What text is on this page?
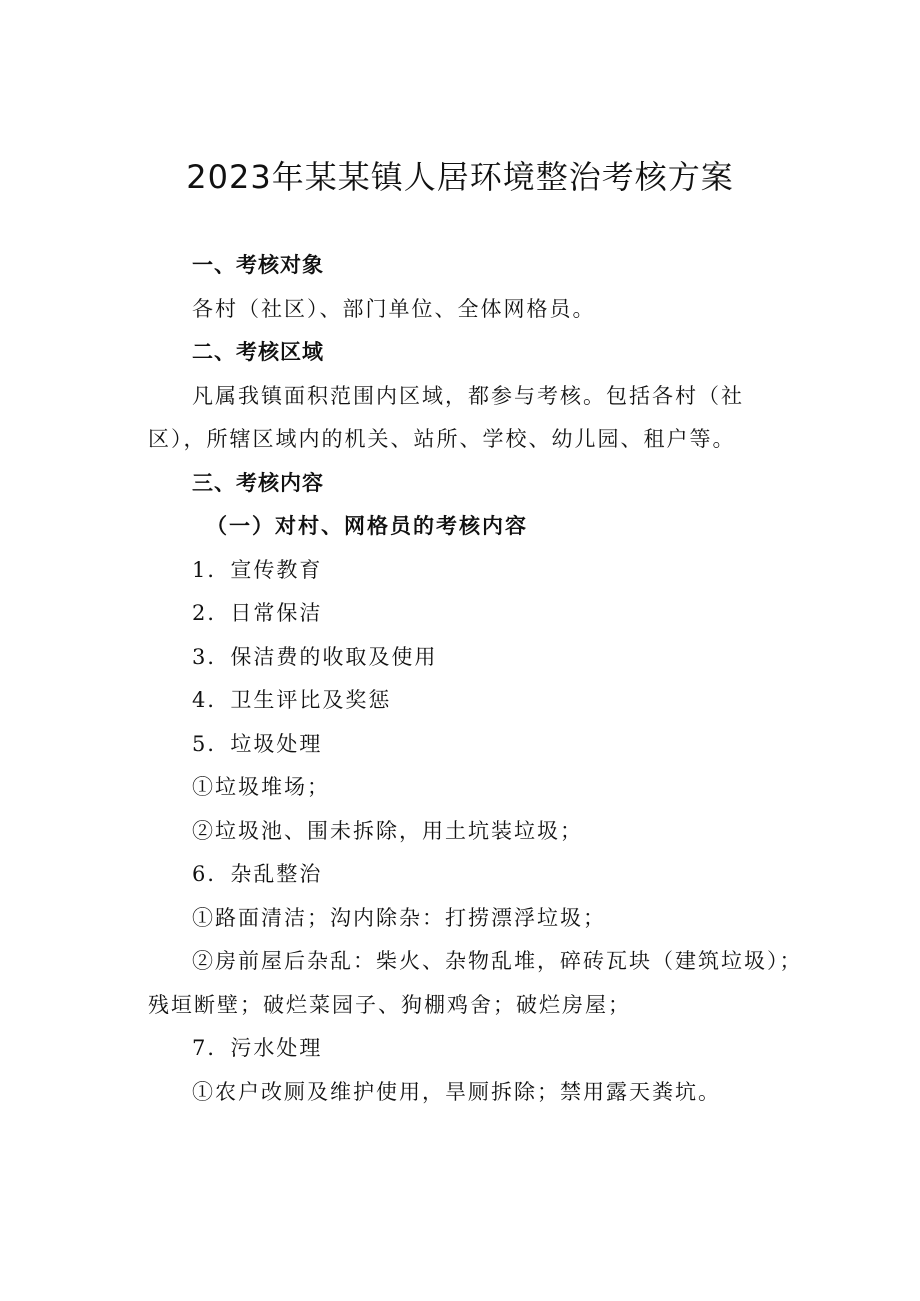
2023年某某镇人居环境整治考核方案
一、考核对象
各村（社区）、部门单位、全体网格员。
二、考核区域
凡属我镇面积范围内区域，都参与考核。包括各村（社
区），所辖区域内的机关、站所、学校、幼儿园、租户等。
三、考核内容
（一）对村、网格员的考核内容
1．宣传教育
2．日常保洁
3．保洁费的收取及使用
4．卫生评比及奖惩
5．垃圾处理
①垃圾堆场；
②垃圾池、围未拆除，用土坑装垃圾；
6．杂乱整治
①路面清洁；沟内除杂：打捞漂浮垃圾；
②房前屋后杂乱：柴火、杂物乱堆，碎砖瓦块（建筑垃圾）；
残垣断壁；破烂菜园子、狗棚鸡舍；破烂房屋；
7．污水处理
①农户改厕及维护使用，旱厕拆除；禁用露天粪坑。
